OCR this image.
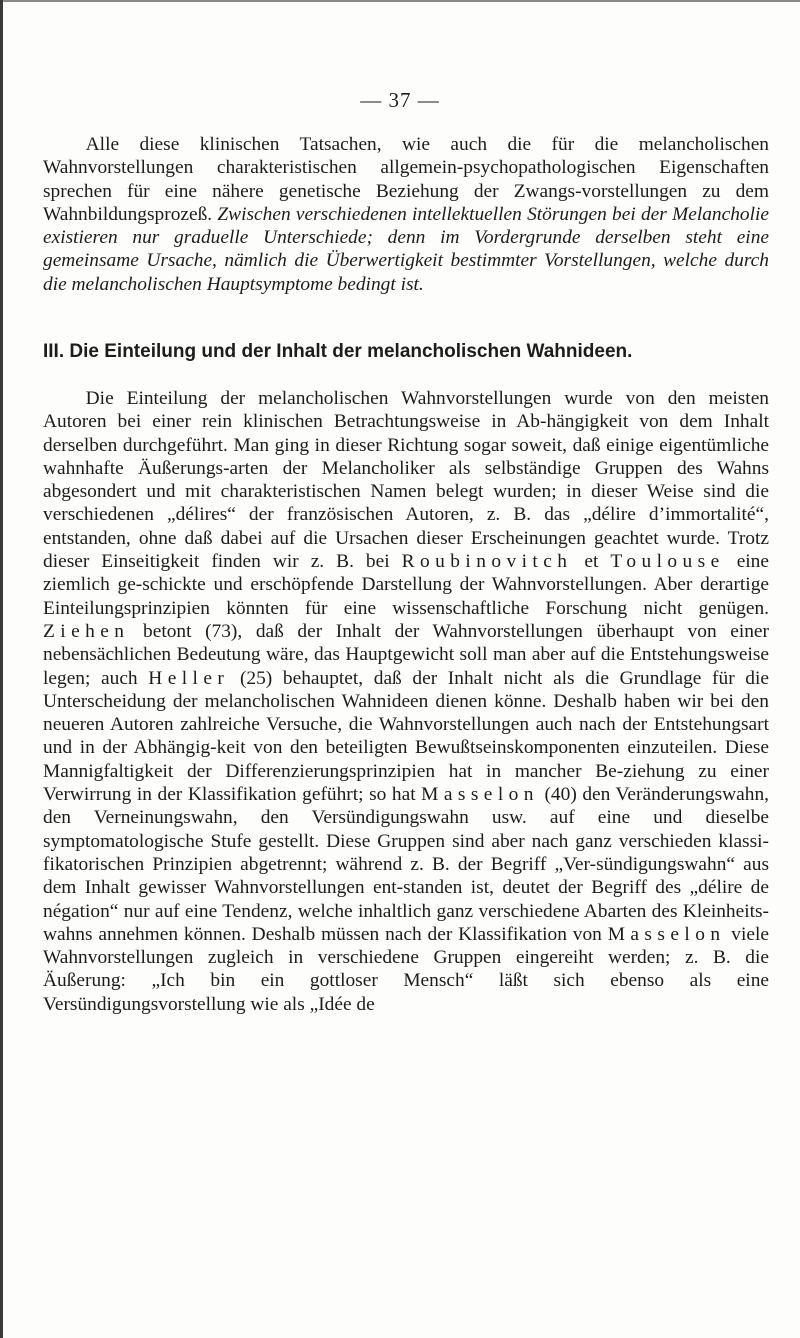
— 37 —

Alle diese klinischen Tatsachen, wie auch die für die melancholischen Wahnvorstellungen charakteristischen allgemein-psychopathologischen Eigenschaften sprechen für eine nähere genetische Beziehung der Zwangs-vorstellungen zu dem Wahnbildungsprozeß. Zwischen verschiedenen intellektuellen Störungen bei der Melancholie existieren nur graduelle Unterschiede; denn im Vordergrunde derselben steht eine gemeinsame Ursache, nämlich die Überwertigkeit bestimmter Vorstellungen, welche durch die melancholischen Hauptsymptome bedingt ist.

III. Die Einteilung und der Inhalt der melancholischen Wahnideen.

Die Einteilung der melancholischen Wahnvorstellungen wurde von den meisten Autoren bei einer rein klinischen Betrachtungsweise in Ab-hängigkeit von dem Inhalt derselben durchgeführt. Man ging in dieser Richtung sogar soweit, daß einige eigentümliche wahnhafte Äußerungs-arten der Melancholiker als selbständige Gruppen des Wahns abgesondert und mit charakteristischen Namen belegt wurden; in dieser Weise sind die verschiedenen „délires“ der französischen Autoren, z. B. das „délire d’immortalité“, entstanden, ohne daß dabei auf die Ursachen dieser Erscheinungen geachtet wurde. Trotz dieser Einseitigkeit finden wir z. B. bei Roubinovitch et Toulouse eine ziemlich ge-schickte und erschöpfende Darstellung der Wahnvorstellungen. Aber derartige Einteilungsprinzipien könnten für eine wissenschaftliche Forschung nicht genügen. Ziehen betont (73), daß der Inhalt der Wahnvorstellungen überhaupt von einer nebensächlichen Bedeutung wäre, das Hauptgewicht soll man aber auf die Entstehungsweise legen; auch Heller (25) behauptet, daß der Inhalt nicht als die Grundlage für die Unterscheidung der melancholischen Wahnideen dienen könne. Deshalb haben wir bei den neueren Autoren zahlreiche Versuche, die Wahnvorstellungen auch nach der Entstehungsart und in der Abhängig-keit von den beteiligten Bewußtseinskomponenten einzuteilen. Diese Mannigfaltigkeit der Differenzierungsprinzipien hat in mancher Be-ziehung zu einer Verwirrung in der Klassifikation geführt; so hat Masselon (40) den Veränderungswahn, den Verneinungswahn, den Versündigungswahn usw. auf eine und dieselbe symptomatologische Stufe gestellt. Diese Gruppen sind aber nach ganz verschieden klassi-fikatorischen Prinzipien abgetrennt; während z. B. der Begriff „Ver-sündigungswahn“ aus dem Inhalt gewisser Wahnvorstellungen ent-standen ist, deutet der Begriff des „délire de négation“ nur auf eine Tendenz, welche inhaltlich ganz verschiedene Abarten des Kleinheits-wahns annehmen können. Deshalb müssen nach der Klassifikation von Masselon viele Wahnvorstellungen zugleich in verschiedene Gruppen eingereiht werden; z. B. die Äußerung: „Ich bin ein gottloser Mensch“ läßt sich ebenso als eine Versündigungsvorstellung wie als „Idée de
